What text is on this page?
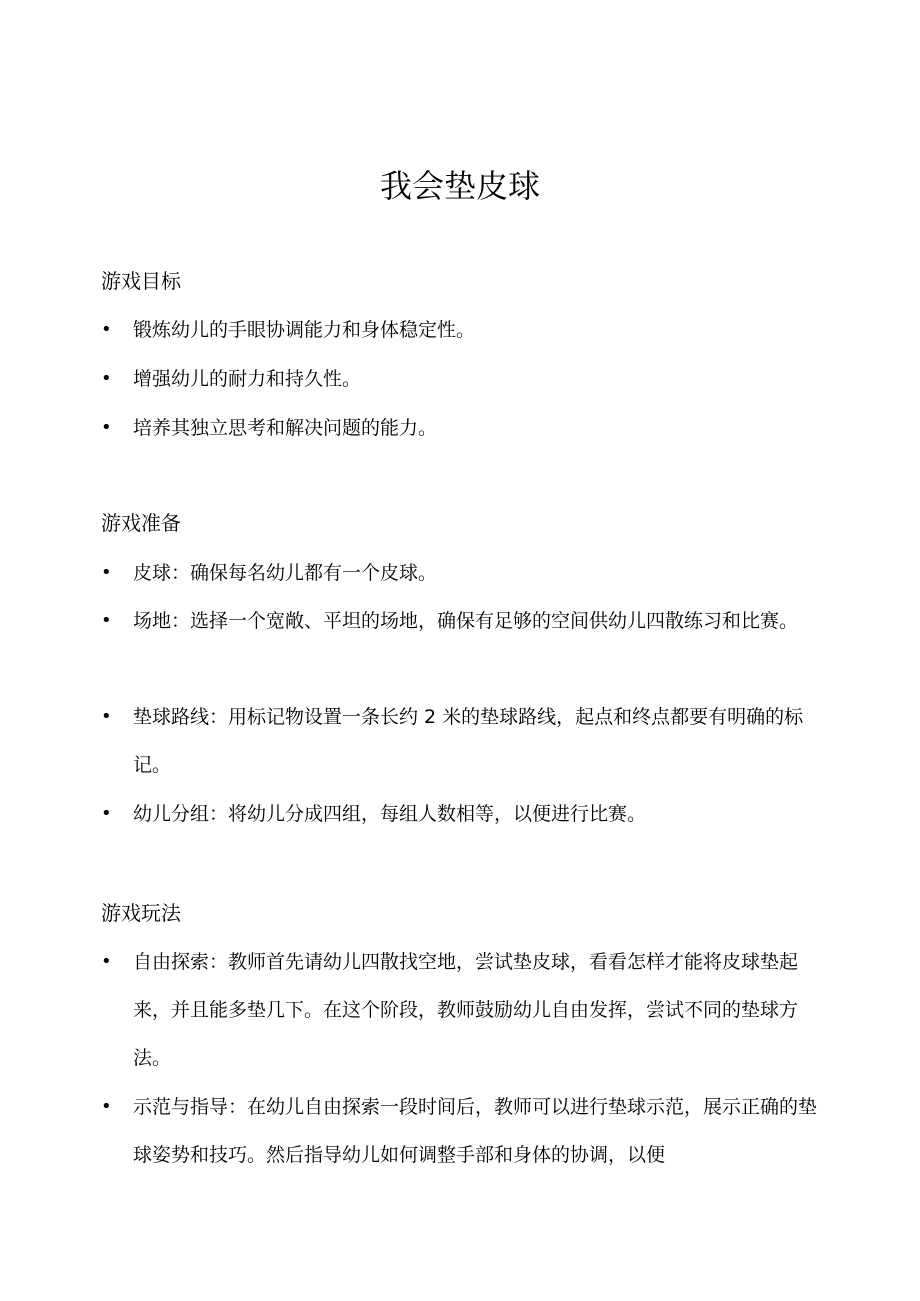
我会垫皮球
游戏目标
• 锻炼幼儿的手眼协调能力和身体稳定性。
• 增强幼儿的耐力和持久性。
• 培养其独立思考和解决问题的能力。
游戏准备
• 皮球：确保每名幼儿都有一个皮球。
• 场地：选择一个宽敞、平坦的场地，确保有足够的空间供幼儿四散练习和比赛。
• 垫球路线：用标记物设置一条长约 2 米的垫球路线，起点和终点都要有明确的标记。
• 幼儿分组：将幼儿分成四组，每组人数相等，以便进行比赛。
游戏玩法
• 自由探索：教师首先请幼儿四散找空地，尝试垫皮球，看看怎样才能将皮球垫起来，并且能多垫几下。在这个阶段，教师鼓励幼儿自由发挥，尝试不同的垫球方法。
• 示范与指导：在幼儿自由探索一段时间后，教师可以进行垫球示范，展示正确的垫球姿势和技巧。然后指导幼儿如何调整手部和身体的协调，以便
